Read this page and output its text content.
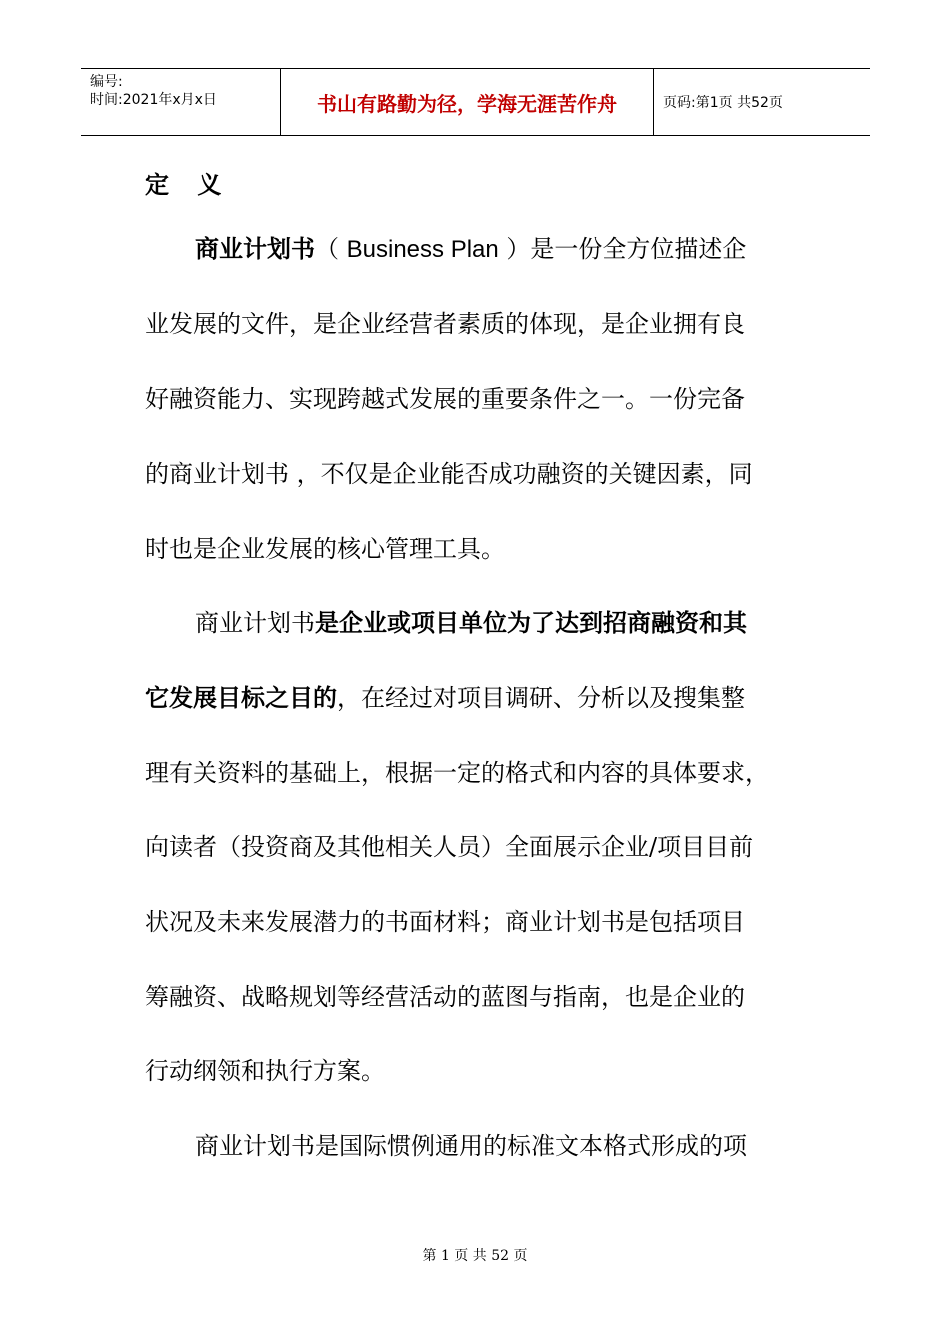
编号:
时间:2021年x月x日	书山有路勤为径，学海无涯苦作舟	页码:第1页 共52页
定 义
商业计划书（ Business Plan ）是一份全方位描述企
业发展的文件，是企业经营者素质的体现，是企业拥有良
好融资能力、实现跨越式发展的重要条件之一。一份完备
的商业计划书 ，不仅是企业能否成功融资的关键因素，同
时也是企业发展的核心管理工具。
商业计划书是企业或项目单位为了达到招商融资和其
它发展目标之目的，在经过对项目调研、分析以及搜集整
理有关资料的基础上，根据一定的格式和内容的具体要求，
向读者（投资商及其他相关人员）全面展示企业/项目目前
状况及未来发展潜力的书面材料；商业计划书是包括项目
筹融资、战略规划等经营活动的蓝图与指南，也是企业的
行动纲领和执行方案。
商业计划书是国际惯例通用的标准文本格式形成的项
第 1 页 共 52 页
